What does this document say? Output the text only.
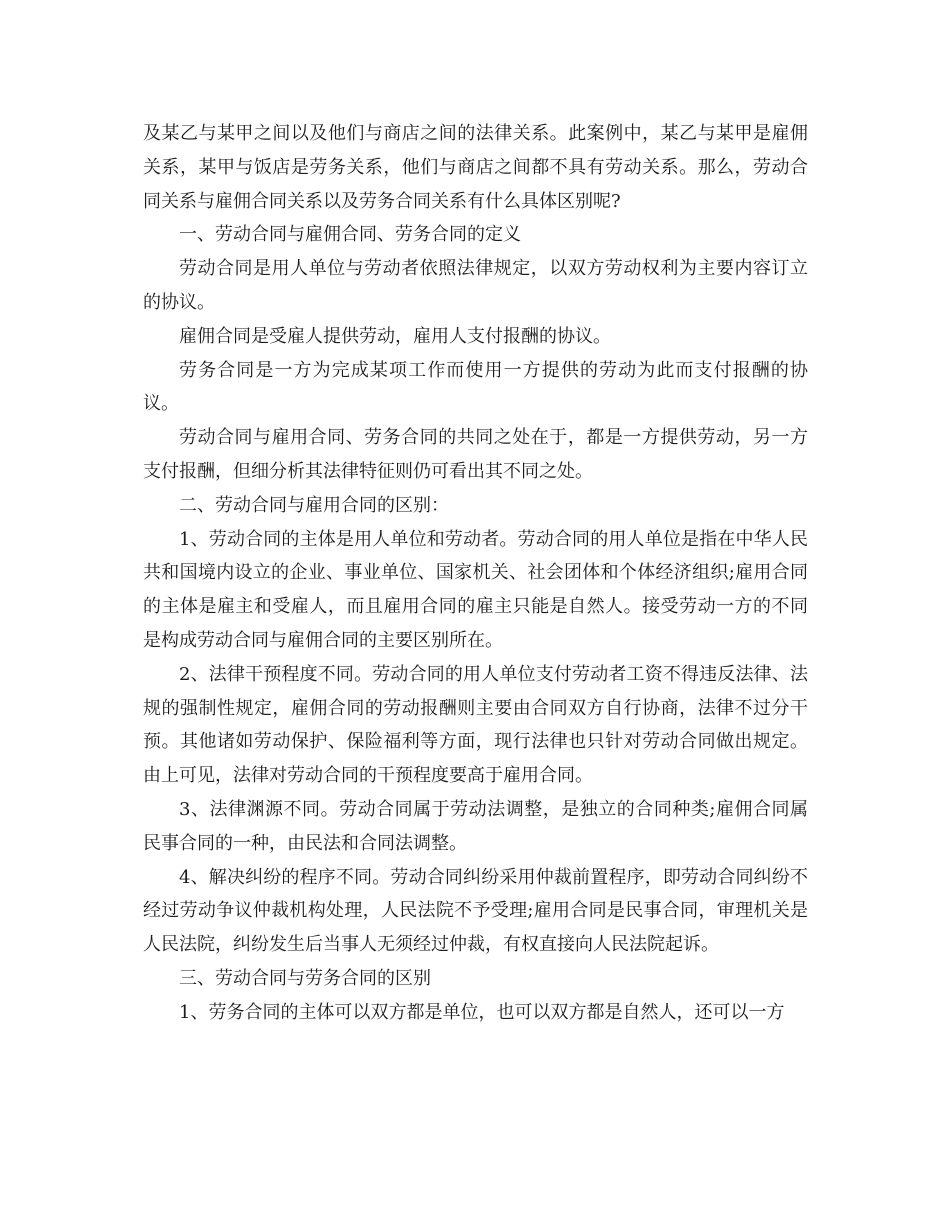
及某乙与某甲之间以及他们与商店之间的法律关系。此案例中，某乙与某甲是雇佣关系，某甲与饭店是劳务关系，他们与商店之间都不具有劳动关系。那么，劳动合同关系与雇佣合同关系以及劳务合同关系有什么具体区别呢?

一、劳动合同与雇佣合同、劳务合同的定义

劳动合同是用人单位与劳动者依照法律规定，以双方劳动权利为主要内容订立的协议。

雇佣合同是受雇人提供劳动，雇用人支付报酬的协议。

劳务合同是一方为完成某项工作而使用一方提供的劳动为此而支付报酬的协议。

劳动合同与雇用合同、劳务合同的共同之处在于，都是一方提供劳动，另一方支付报酬，但细分析其法律特征则仍可看出其不同之处。

二、劳动合同与雇用合同的区别：

1、劳动合同的主体是用人单位和劳动者。劳动合同的用人单位是指在中华人民共和国境内设立的企业、事业单位、国家机关、社会团体和个体经济组织;雇用合同的主体是雇主和受雇人，而且雇用合同的雇主只能是自然人。接受劳动一方的不同是构成劳动合同与雇佣合同的主要区别所在。

2、法律干预程度不同。劳动合同的用人单位支付劳动者工资不得违反法律、法规的强制性规定，雇佣合同的劳动报酬则主要由合同双方自行协商，法律不过分干预。其他诸如劳动保护、保险福利等方面，现行法律也只针对劳动合同做出规定。由上可见，法律对劳动合同的干预程度要高于雇用合同。

3、法律渊源不同。劳动合同属于劳动法调整，是独立的合同种类;雇佣合同属民事合同的一种，由民法和合同法调整。

4、解决纠纷的程序不同。劳动合同纠纷采用仲裁前置程序，即劳动合同纠纷不经过劳动争议仲裁机构处理，人民法院不予受理;雇用合同是民事合同，审理机关是人民法院，纠纷发生后当事人无须经过仲裁，有权直接向人民法院起诉。

三、劳动合同与劳务合同的区别

1、劳务合同的主体可以双方都是单位，也可以双方都是自然人，还可以一方
